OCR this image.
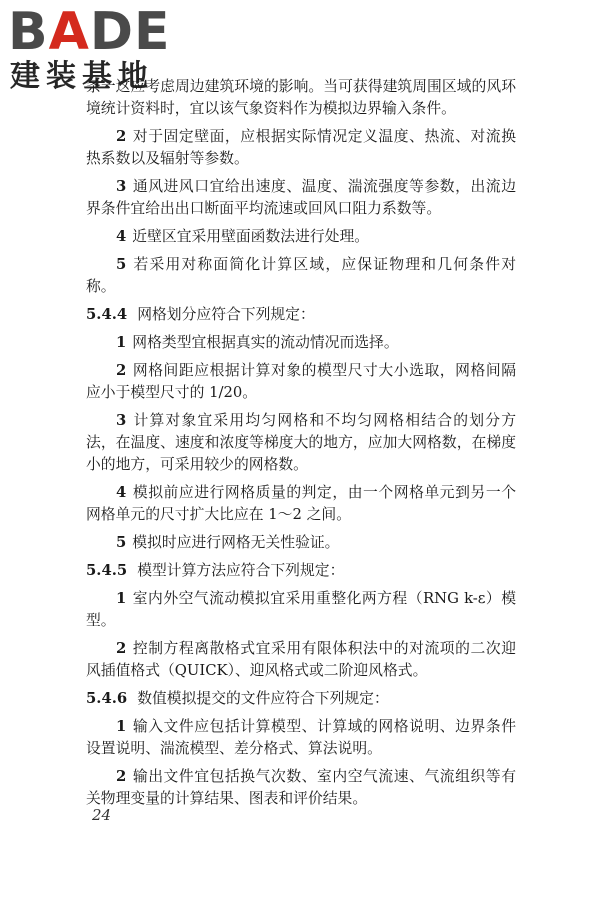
BADE
建装基地

条一这应考虑周边建筑环境的影响。当可获得建筑周围区域的风环境统计资料时，宜以该气象资料作为模拟边界输入条件。

2 对于固定壁面，应根据实际情况定义温度、热流、对流换热系数以及辐射等参数。

3 通风进风口宜给出速度、温度、湍流强度等参数，出流边界条件宜给出出口断面平均流速或回风口阻力系数等。

4 近壁区宜采用壁面函数法进行处理。

5 若采用对称面简化计算区域，应保证物理和几何条件对称。

5.4.4 网格划分应符合下列规定：

1 网格类型宜根据真实的流动情况而选择。

2 网格间距应根据计算对象的模型尺寸大小选取，网格间隔应小于模型尺寸的 1/20。

3 计算对象宜采用均匀网格和不均匀网格相结合的划分方法，在温度、速度和浓度等梯度大的地方，应加大网格数，在梯度小的地方，可采用较少的网格数。

4 模拟前应进行网格质量的判定，由一个网格单元到另一个网格单元的尺寸扩大比应在 1～2 之间。

5 模拟时应进行网格无关性验证。

5.4.5 模型计算方法应符合下列规定：

1 室内外空气流动模拟宜采用重整化两方程（RNG k-ε）模型。

2 控制方程离散格式宜采用有限体积法中的对流项的二次迎风插值格式（QUICK）、迎风格式或二阶迎风格式。

5.4.6 数值模拟提交的文件应符合下列规定：

1 输入文件应包括计算模型、计算域的网格说明、边界条件设置说明、湍流模型、差分格式、算法说明。

2 输出文件宜包括换气次数、室内空气流速、气流组织等有关物理变量的计算结果、图表和评价结果。

24
